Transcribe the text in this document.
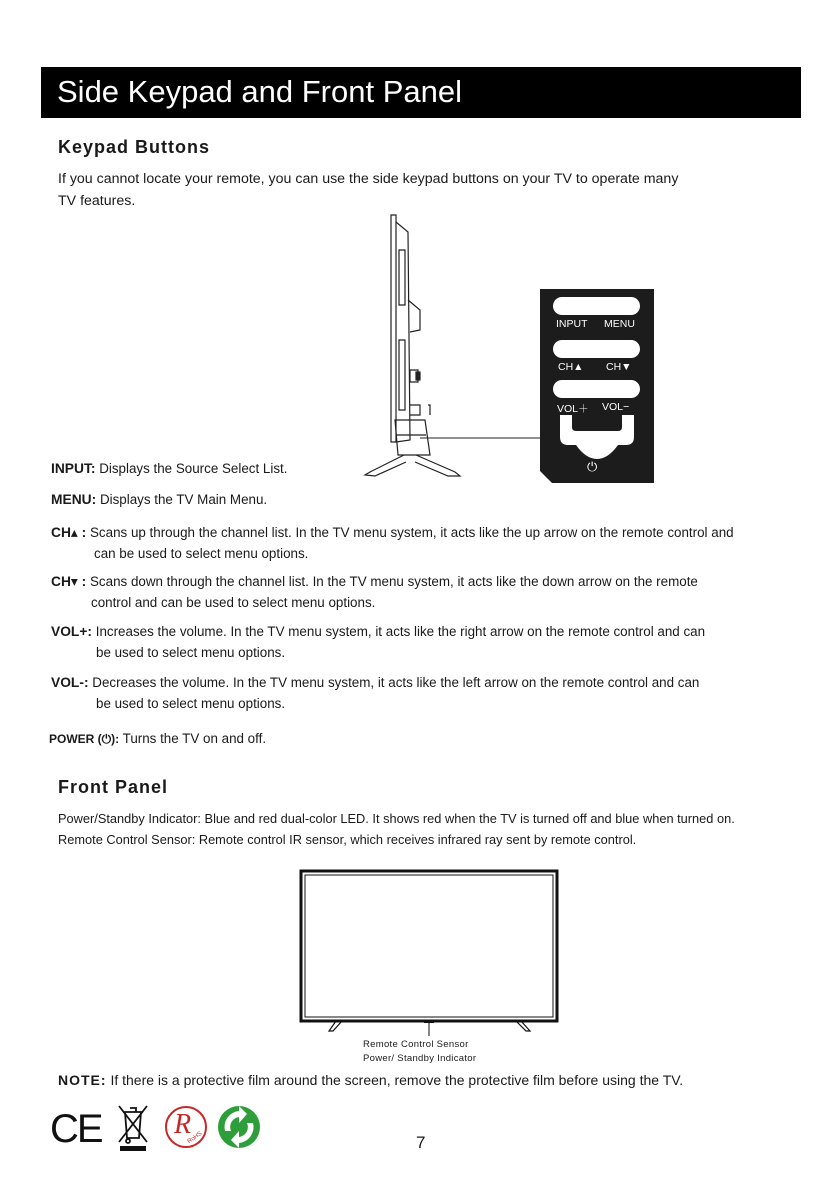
Side Keypad and Front Panel
Keypad Buttons
If you cannot locate your remote, you can use the side keypad buttons on your TV to operate many
TV features.
INPUT MENU
CH▲ CH▼
VOL＋ VOL−
⏻
INPUT: Displays the Source Select List.
MENU: Displays the TV Main Menu.
CH▴ : Scans up through the channel list. In the TV menu system, it acts like the up arrow on the remote control and
can be used to select menu options.
CH▾ : Scans down through the channel list. In the TV menu system, it acts like the down arrow on the remote
control and can be used to select menu options.
VOL+: Increases the volume. In the TV menu system, it acts like the right arrow on the remote control and can
be used to select menu options.
VOL-: Decreases the volume. In the TV menu system, it acts like the left arrow on the remote control and can
be used to select menu options.
POWER (⏻): Turns the TV on and off.
Front Panel
Power/Standby Indicator: Blue and red dual-color LED. It shows red when the TV is turned off and blue when turned on.
Remote Control Sensor: Remote control IR sensor, which receives infrared ray sent by remote control.
Remote Control Sensor
Power/ Standby Indicator
NOTE: If there is a protective film around the screen, remove the protective film before using the TV.
CE	R
RoHS	7
